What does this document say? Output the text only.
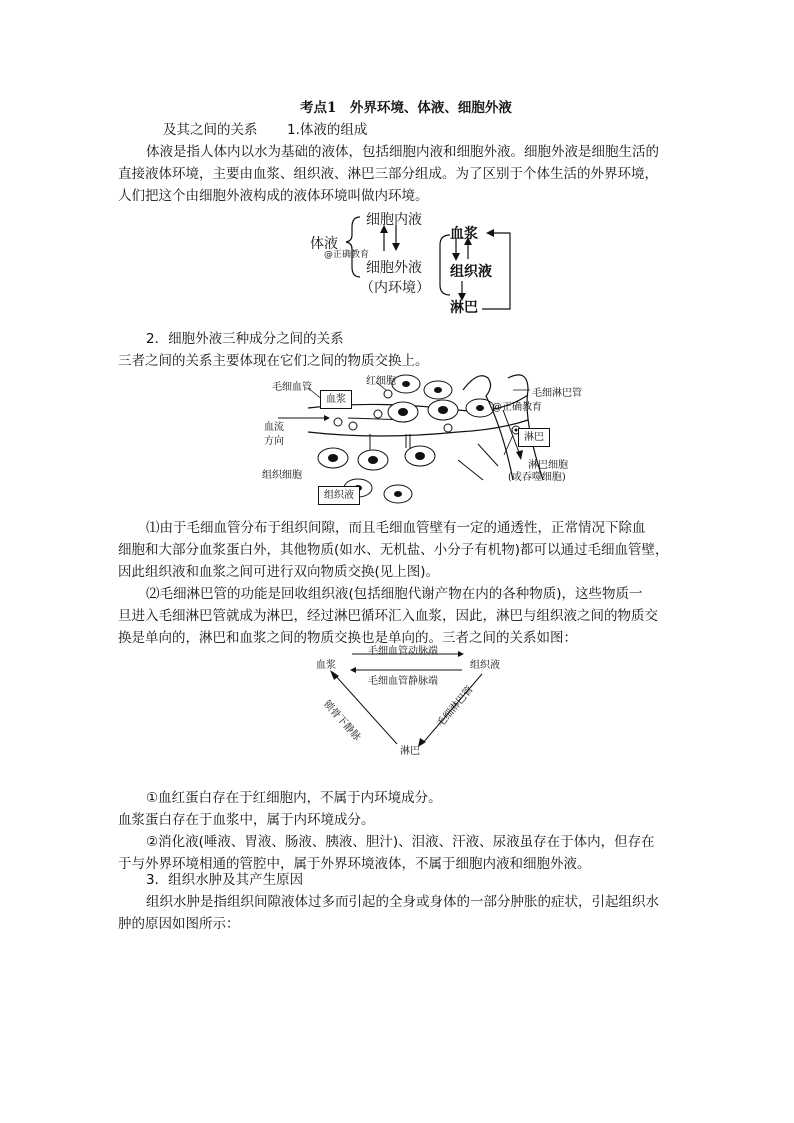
考点1　外界环境、体液、细胞外液
及其之间的关系 1.体液的组成
体液是指人体内以水为基础的液体，包括细胞内液和细胞外液。细胞外液是细胞生活的
直接液体环境，主要由血浆、组织液、淋巴三部分组成。为了区别于个体生活的外界环境，
人们把这个由细胞外液构成的液体环境叫做内环境。
体液
@正确教育
细胞内液
细胞外液
（内环境）
血浆
组织液
淋巴
2．细胞外液三种成分之间的关系
三者之间的关系主要体现在它们之间的物质交换上。
毛细血管
红细胞
血浆
血流
方向
毛细淋巴管
@正确教育
淋巴
组织细胞
淋巴细胞
(或吞噬细胞)
组织液
⑴由于毛细血管分布于组织间隙，而且毛细血管壁有一定的通透性，正常情况下除血
细胞和大部分血浆蛋白外，其他物质(如水、无机盐、小分子有机物)都可以通过毛细血管壁，
因此组织液和血浆之间可进行双向物质交换(见上图)。
⑵毛细淋巴管的功能是回收组织液(包括细胞代谢产物在内的各种物质)，这些物质一
旦进入毛细淋巴管就成为淋巴，经过淋巴循环汇入血浆，因此，淋巴与组织液之间的物质交
换是单向的，淋巴和血浆之间的物质交换也是单向的。三者之间的关系如图：
血浆	组织液
淋巴
毛细血管动脉端
毛细血管静脉端
锁骨下静脉	毛细淋巴管
①血红蛋白存在于红细胞内，不属于内环境成分。
血浆蛋白存在于血浆中，属于内环境成分。
②消化液(唾液、胃液、肠液、胰液、胆汁)、泪液、汗液、尿液虽存在于体内，但存在
于与外界环境相通的管腔中，属于外界环境液体，不属于细胞内液和细胞外液。
3．组织水肿及其产生原因
组织水肿是指组织间隙液体过多而引起的全身或身体的一部分肿胀的症状，引起组织水
肿的原因如图所示：
